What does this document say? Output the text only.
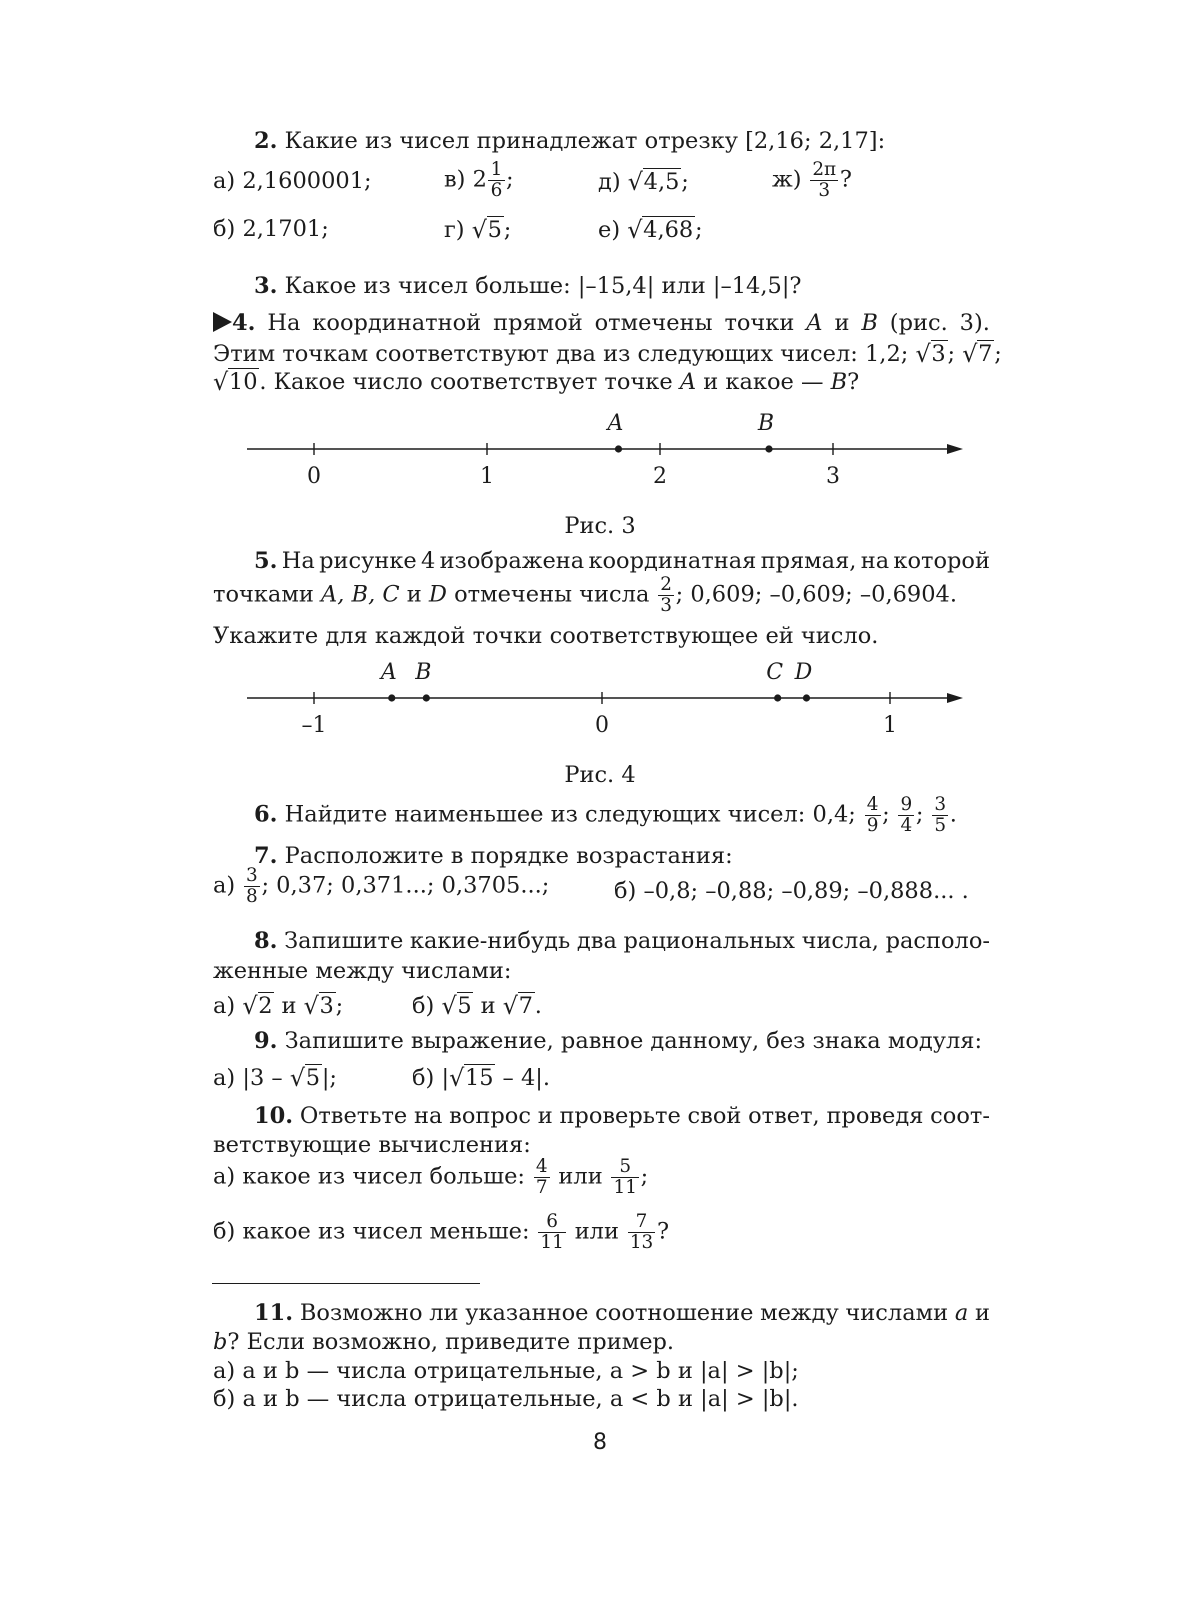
2. Какие из чисел принадлежат отрезку [2,16; 2,17]:
а) 2,1600001;	в) $2 \frac{1}{6}$ ;	д) √4,5;	$ж) \frac{2\pi}{3}$ ?
б) 2,1701;	г) √5;	е) √4,68;
3. Какое из чисел больше: |–15,4| или |–14,5|?
4. На координатной прямой отмечены точки A и B (рис. 3).
Этим точкам соответствуют два из следующих чисел: 1,2; √3; √7;
√10. Какое число соответствует точке A и какое — B?
0	1	2	3
A	B
Рис. 3
5. На рисунке 4 изображена координатная прямая, на которой
точками A, B, C и D отмечены числа $\frac{2}{3}$ ; 0,609; –0,609; –0,6904.
Укажите для каждой точки соответствующее ей число.
–1	0	1
A B	C D
Рис. 4
6. Найдите наименьшее из следующих чисел: 0,4; $\frac{4}{9}$ ; $\frac{9}{4}$ ; $\frac{3}{5}$ .
7. Расположите в порядке возрастания:
$а) \frac{3}{8}$ ; 0,37; 0,371...; 0,3705...;	б) –0,8; –0,88; –0,89; –0,888... .
8. Запишите какие-нибудь два рациональных числа, располо-
женные между числами:
а) √2 и √3;	б) √5 и √7.
9. Запишите выражение, равное данному, без знака модуля:
а) |3 – √5|;	б) |√15 – 4|.
10. Ответьте на вопрос и проверьте свой ответ, проведя соот-
ветствующие вычисления:
а) какое из чисел больше: $\frac{4}{7}$ или $\frac{5}{11}$ ;
б) какое из чисел меньше: $\frac{6}{11}$ или $\frac{7}{13}$ ?
11. Возможно ли указанное соотношение между числами a и
b? Если возможно, приведите пример.
а) a и b — числа отрицательные, a > b и |a| > |b|;
б) a и b — числа отрицательные, a < b и |a| > |b|.
8
